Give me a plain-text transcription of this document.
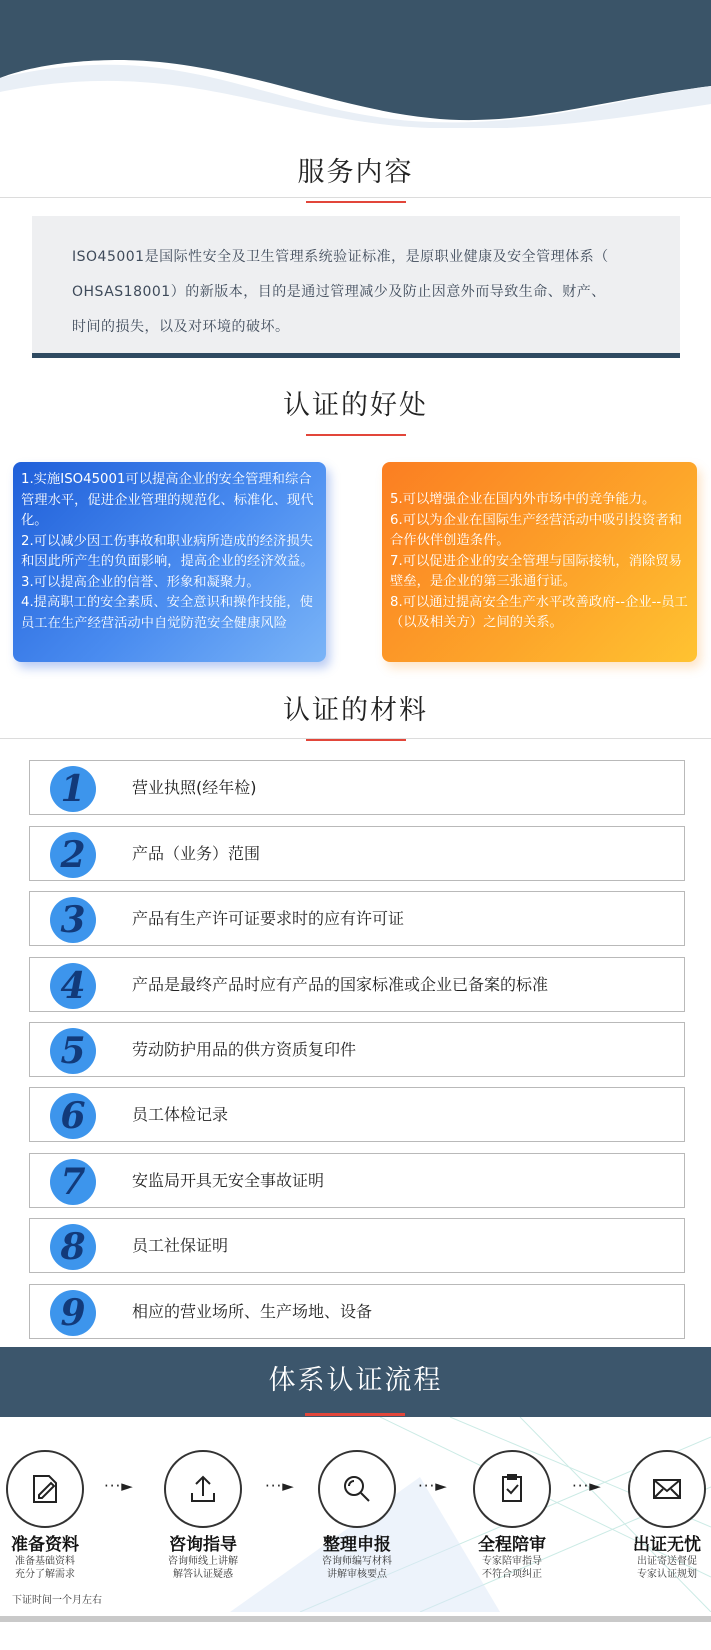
服务内容

ISO45001是国际性安全及卫生管理系统验证标准，是原职业健康及安全管理体系（

OHSAS18001）的新版本，目的是通过管理减少及防止因意外而导致生命、财产、

时间的损失，以及对环境的破坏。

认证的好处

1.实施ISO45001可以提高企业的安全管理和综合管理水平，促进企业管理的规范化、标准化、现代化。

2.可以减少因工伤事故和职业病所造成的经济损失和因此所产生的负面影响，提高企业的经济效益。

3.可以提高企业的信誉、形象和凝聚力。

4.提高职工的安全素质、安全意识和操作技能，使员工在生产经营活动中自觉防范安全健康风险

5.可以增强企业在国内外市场中的竞争能力。

6.可以为企业在国际生产经营活动中吸引投资者和合作伙伴创造条件。

7.可以促进企业的安全管理与国际接轨，消除贸易壁垒，是企业的第三张通行证。

8.可以通过提高安全生产水平改善政府--企业--员工（以及相关方）之间的关系。

认证的材料
1	营业执照(经年检)
2	产品（业务）范围
3	产品有生产许可证要求时的应有许可证
4	产品是最终产品时应有产品的国家标准或企业已备案的标准
5	劳动防护用品的供方资质复印件
6	员工体检记录
7	安监局开具无安全事故证明
8	员工社保证明
9	相应的营业场所、生产场地、设备
体系认证流程
准备资料
准备基础资料
充分了解需求
···►
咨询指导
咨询师线上讲解
解答认证疑惑
···►
整理申报
咨询师编写材料
讲解审核要点
···►
全程陪审
专家陪审指导
不符合项纠正
···►
出证无忧
出证寄送督促
专家认证规划
下证时间一个月左右
